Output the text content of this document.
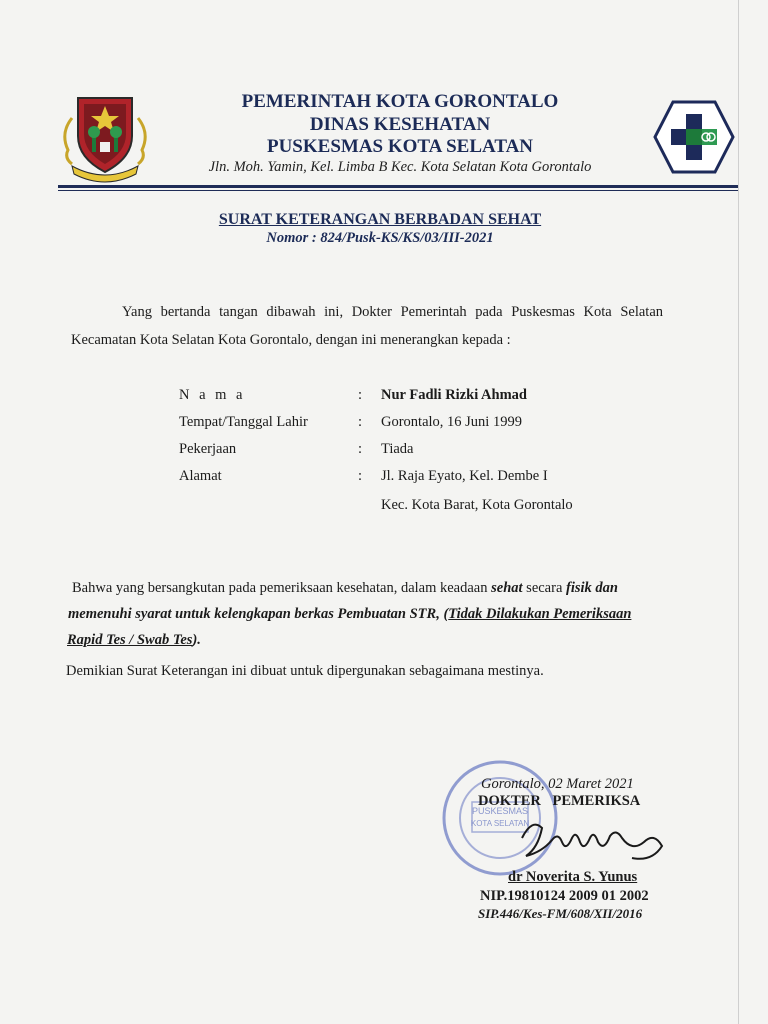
PEMERINTAH KOTA GORONTALO
DINAS KESEHATAN
PUSKESMAS KOTA SELATAN
Jln. Moh. Yamin, Kel. Limba B Kec. Kota Selatan Kota Gorontalo
SURAT KETERANGAN BERBADAN SEHAT
Nomor : 824/Pusk-KS/KS/03/III-2021
Yang bertanda tangan dibawah ini, Dokter Pemerintah pada Puskesmas Kota Selatan
Kecamatan Kota Selatan Kota Gorontalo, dengan ini menerangkan kepada :
N a m a	: Nur Fadli Rizki Ahmad
Tempat/Tanggal Lahir	: Gorontalo, 16 Juni 1999
Pekerjaan	: Tiada
Alamat	: Jl. Raja Eyato, Kel. Dembe I
Kec. Kota Barat, Kota Gorontalo
Bahwa yang bersangkutan pada pemeriksaan kesehatan, dalam keadaan sehat secara fisik dan
memenuhi syarat untuk kelengkapan berkas Pembuatan STR, (Tidak Dilakukan Pemeriksaan
Rapid Tes / Swab Tes).
Demikian Surat Keterangan ini dibuat untuk dipergunakan sebagaimana mestinya.
PUSKESMAS
KOTA SELATAN
Gorontalo, 02 Maret 2021
DOKTER PEMERIKSA
dr Noverita S. Yunus
NIP.19810124 2009 01 2002
SIP.446/Kes-FM/608/XII/2016
